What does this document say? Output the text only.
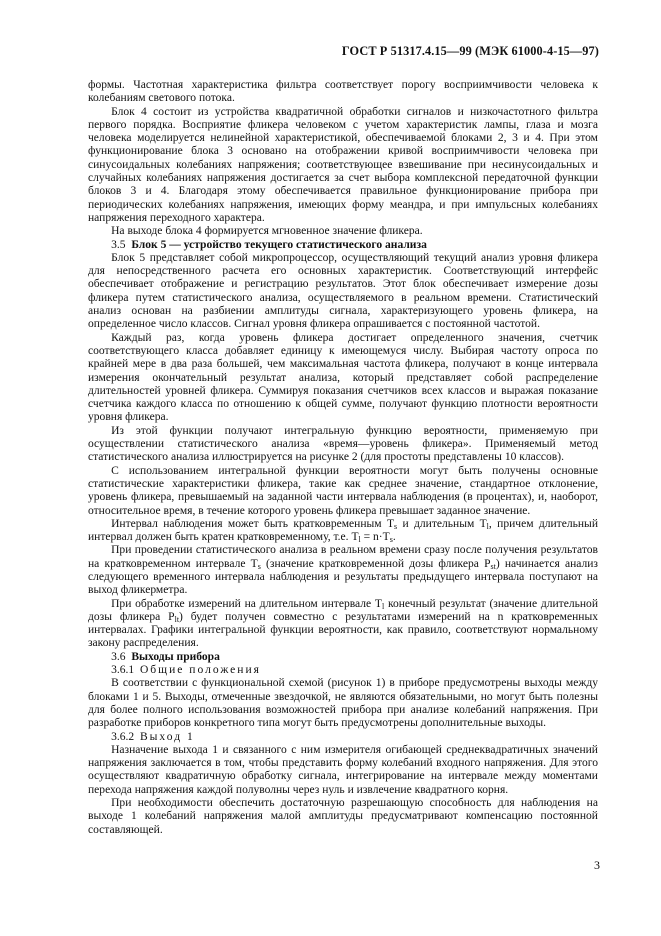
ГОСТ Р 51317.4.15—99 (МЭК 61000-4-15—97)

формы. Частотная характеристика фильтра соответствует порогу восприимчивости человека к колебаниям светового потока.

Блок 4 состоит из устройства квадратичной обработки сигналов и низкочастотного фильтра первого порядка. Восприятие фликера человеком с учетом характеристик лампы, глаза и мозга человека моделируется нелинейной характеристикой, обеспечиваемой блоками 2, 3 и 4. При этом функционирование блока 3 основано на отображении кривой восприимчивости человека при синусоидальных колебаниях напряжения; соответствующее взвешивание при несинусоидальных и случайных колебаниях напряжения достигается за счет выбора комплексной передаточной функции блоков 3 и 4. Благодаря этому обеспечивается правильное функционирование прибора при периодических колебаниях напряжения, имеющих форму меандра, и при импульсных колебаниях напряжения переходного характера.

На выходе блока 4 формируется мгновенное значение фликера.

3.5 Блок 5 — устройство текущего статистического анализа

Блок 5 представляет собой микропроцессор, осуществляющий текущий анализ уровня фликера для непосредственного расчета его основных характеристик. Соответствующий интерфейс обеспечивает отображение и регистрацию результатов. Этот блок обеспечивает измерение дозы фликера путем статистического анализа, осуществляемого в реальном времени. Статистический анализ основан на разбиении амплитуды сигнала, характеризующего уровень фликера, на определенное число классов. Сигнал уровня фликера опрашивается с постоянной частотой.

Каждый раз, когда уровень фликера достигает определенного значения, счетчик соответствующего класса добавляет единицу к имеющемуся числу. Выбирая частоту опроса по крайней мере в два раза большей, чем максимальная частота фликера, получают в конце интервала измерения окончательный результат анализа, который представляет собой распределение длительностей уровней фликера. Суммируя показания счетчиков всех классов и выражая показание счетчика каждого класса по отношению к общей сумме, получают функцию плотности вероятности уровня фликера.

Из этой функции получают интегральную функцию вероятности, применяемую при осуществлении статистического анализа «время—уровень фликера». Применяемый метод статистического анализа иллюстрируется на рисунке 2 (для простоты представлены 10 классов).

С использованием интегральной функции вероятности могут быть получены основные статистические характеристики фликера, такие как среднее значение, стандартное отклонение, уровень фликера, превышаемый на заданной части интервала наблюдения (в процентах), и, наоборот, относительное время, в течение которого уровень фликера превышает заданное значение.

Интервал наблюдения может быть кратковременным $T_s$ и длительным $T_l$, причем длительный интервал должен быть кратен кратковременному, т.е. $T_l = n\cdot T_s$.

При проведении статистического анализа в реальном времени сразу после получения результатов на кратковременном интервале $T_s$ (значение кратковременной дозы фликера $P_{st}$) начинается анализ следующего временного интервала наблюдения и результаты предыдущего интервала поступают на выход фликерметра.

При обработке измерений на длительном интервале $T_l$ конечный результат (значение длительной дозы фликера $P_{lt}$) будет получен совместно с результатами измерений на n кратковременных интервалах. Графики интегральной функции вероятности, как правило, соответствуют нормальному закону распределения.

3.6 Выходы прибора

3.6.1 Общие положения

В соответствии с функциональной схемой (рисунок 1) в приборе предусмотрены выходы между блоками 1 и 5. Выходы, отмеченные звездочкой, не являются обязательными, но могут быть полезны для более полного использования возможностей прибора при анализе колебаний напряжения. При разработке приборов конкретного типа могут быть предусмотрены дополнительные выходы.

3.6.2 Выход 1

Назначение выхода 1 и связанного с ним измерителя огибающей среднеквадратичных значений напряжения заключается в том, чтобы представить форму колебаний входного напряжения. Для этого осуществляют квадратичную обработку сигнала, интегрирование на интервале между моментами перехода напряжения каждой полуволны через нуль и извлечение квадратного корня.

При необходимости обеспечить достаточную разрешающую способность для наблюдения на выходе 1 колебаний напряжения малой амплитуды предусматривают компенсацию постоянной составляющей.

3
